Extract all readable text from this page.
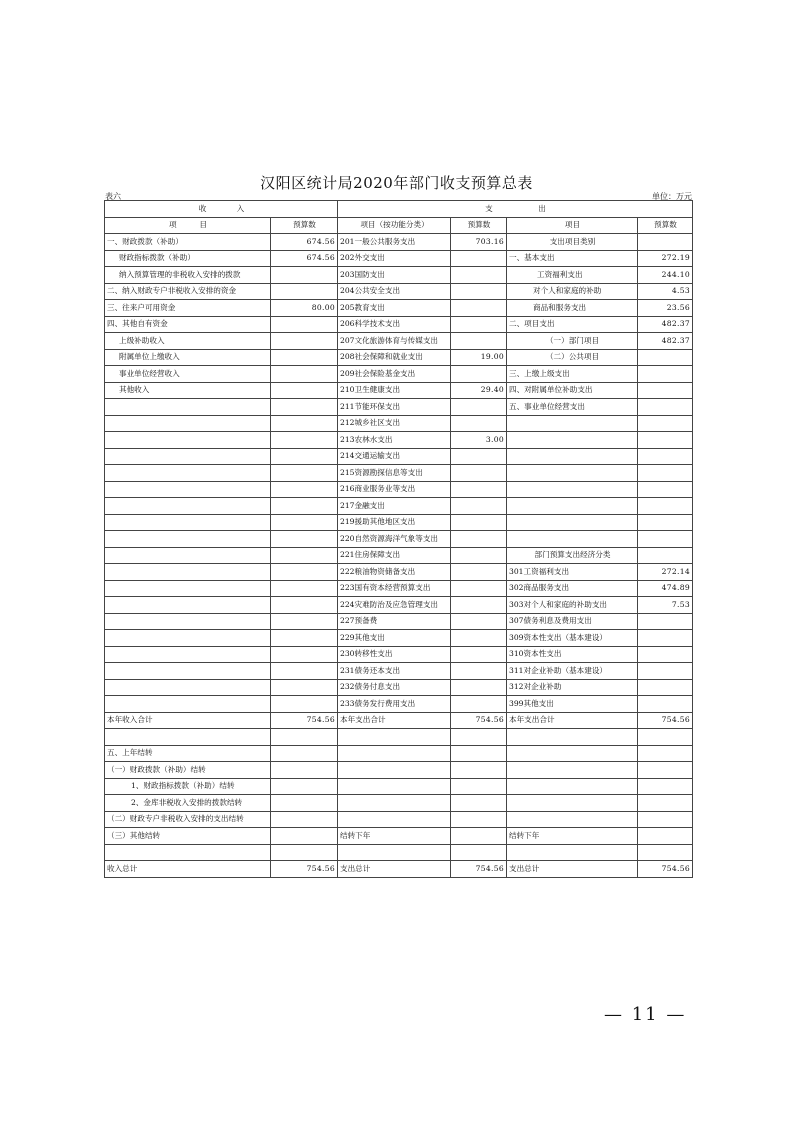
汉阳区统计局2020年部门收支预算总表
表六	单位：万元
收　　　　入		支　　　　　　出			
项　　　目	预算数	项目（按功能分类）	预算数	项目	预算数
一、财政拨款（补助）	674.56	201一般公共服务支出	703.16	支出项目类别	
财政指标拨款（补助）	674.56	202外交支出		一、基本支出	272.19
纳入预算管理的非税收入安排的拨款		203国防支出		工资福利支出	244.10
二、纳入财政专户非税收入安排的资金		204公共安全支出		对个人和家庭的补助	4.53
三、往来户可用资金	80.00	205教育支出		商品和服务支出	23.56
四、其他自有资金		206科学技术支出		二、项目支出	482.37
上级补助收入		207文化旅游体育与传媒支出		（一）部门项目	482.37
附属单位上缴收入		208社会保障和就业支出	19.00	（二）公共项目	
事业单位经营收入		209社会保险基金支出		三、上缴上级支出	
其他收入		210卫生健康支出	29.40	四、对附属单位补助支出	
		211节能环保支出		五、事业单位经营支出	
		212城乡社区支出			
		213农林水支出	3.00		
		214交通运输支出			
		215资源勘探信息等支出			
		216商业服务业等支出			
		217金融支出			
		219援助其他地区支出			
		220自然资源海洋气象等支出			
		221住房保障支出		部门预算支出经济分类	
		222粮油物资储备支出		301工资福利支出	272.14
		223国有资本经营预算支出		302商品服务支出	474.89
		224灾难防治及应急管理支出		303对个人和家庭的补助支出	7.53
		227预备费		307债务利息及费用支出	
		229其他支出		309资本性支出（基本建设）	
		230转移性支出		310资本性支出	
		231债务还本支出		311对企业补助（基本建设）	
		232债务付息支出		312对企业补助	
		233债务发行费用支出		399其他支出	
本年收入合计	754.56	本年支出合计	754.56	本年支出合计	754.56

五、上年结转					
（一）财政拨款（补助）结转					
1、财政指标拨款（补助）结转					
2、金库非税收入安排的拨款结转					
（二）财政专户非税收入安排的支出结转					
（三）其他结转		结转下年		结转下年	

收入总计	754.56	支出总计	754.56	支出总计	754.56
— 11 —
